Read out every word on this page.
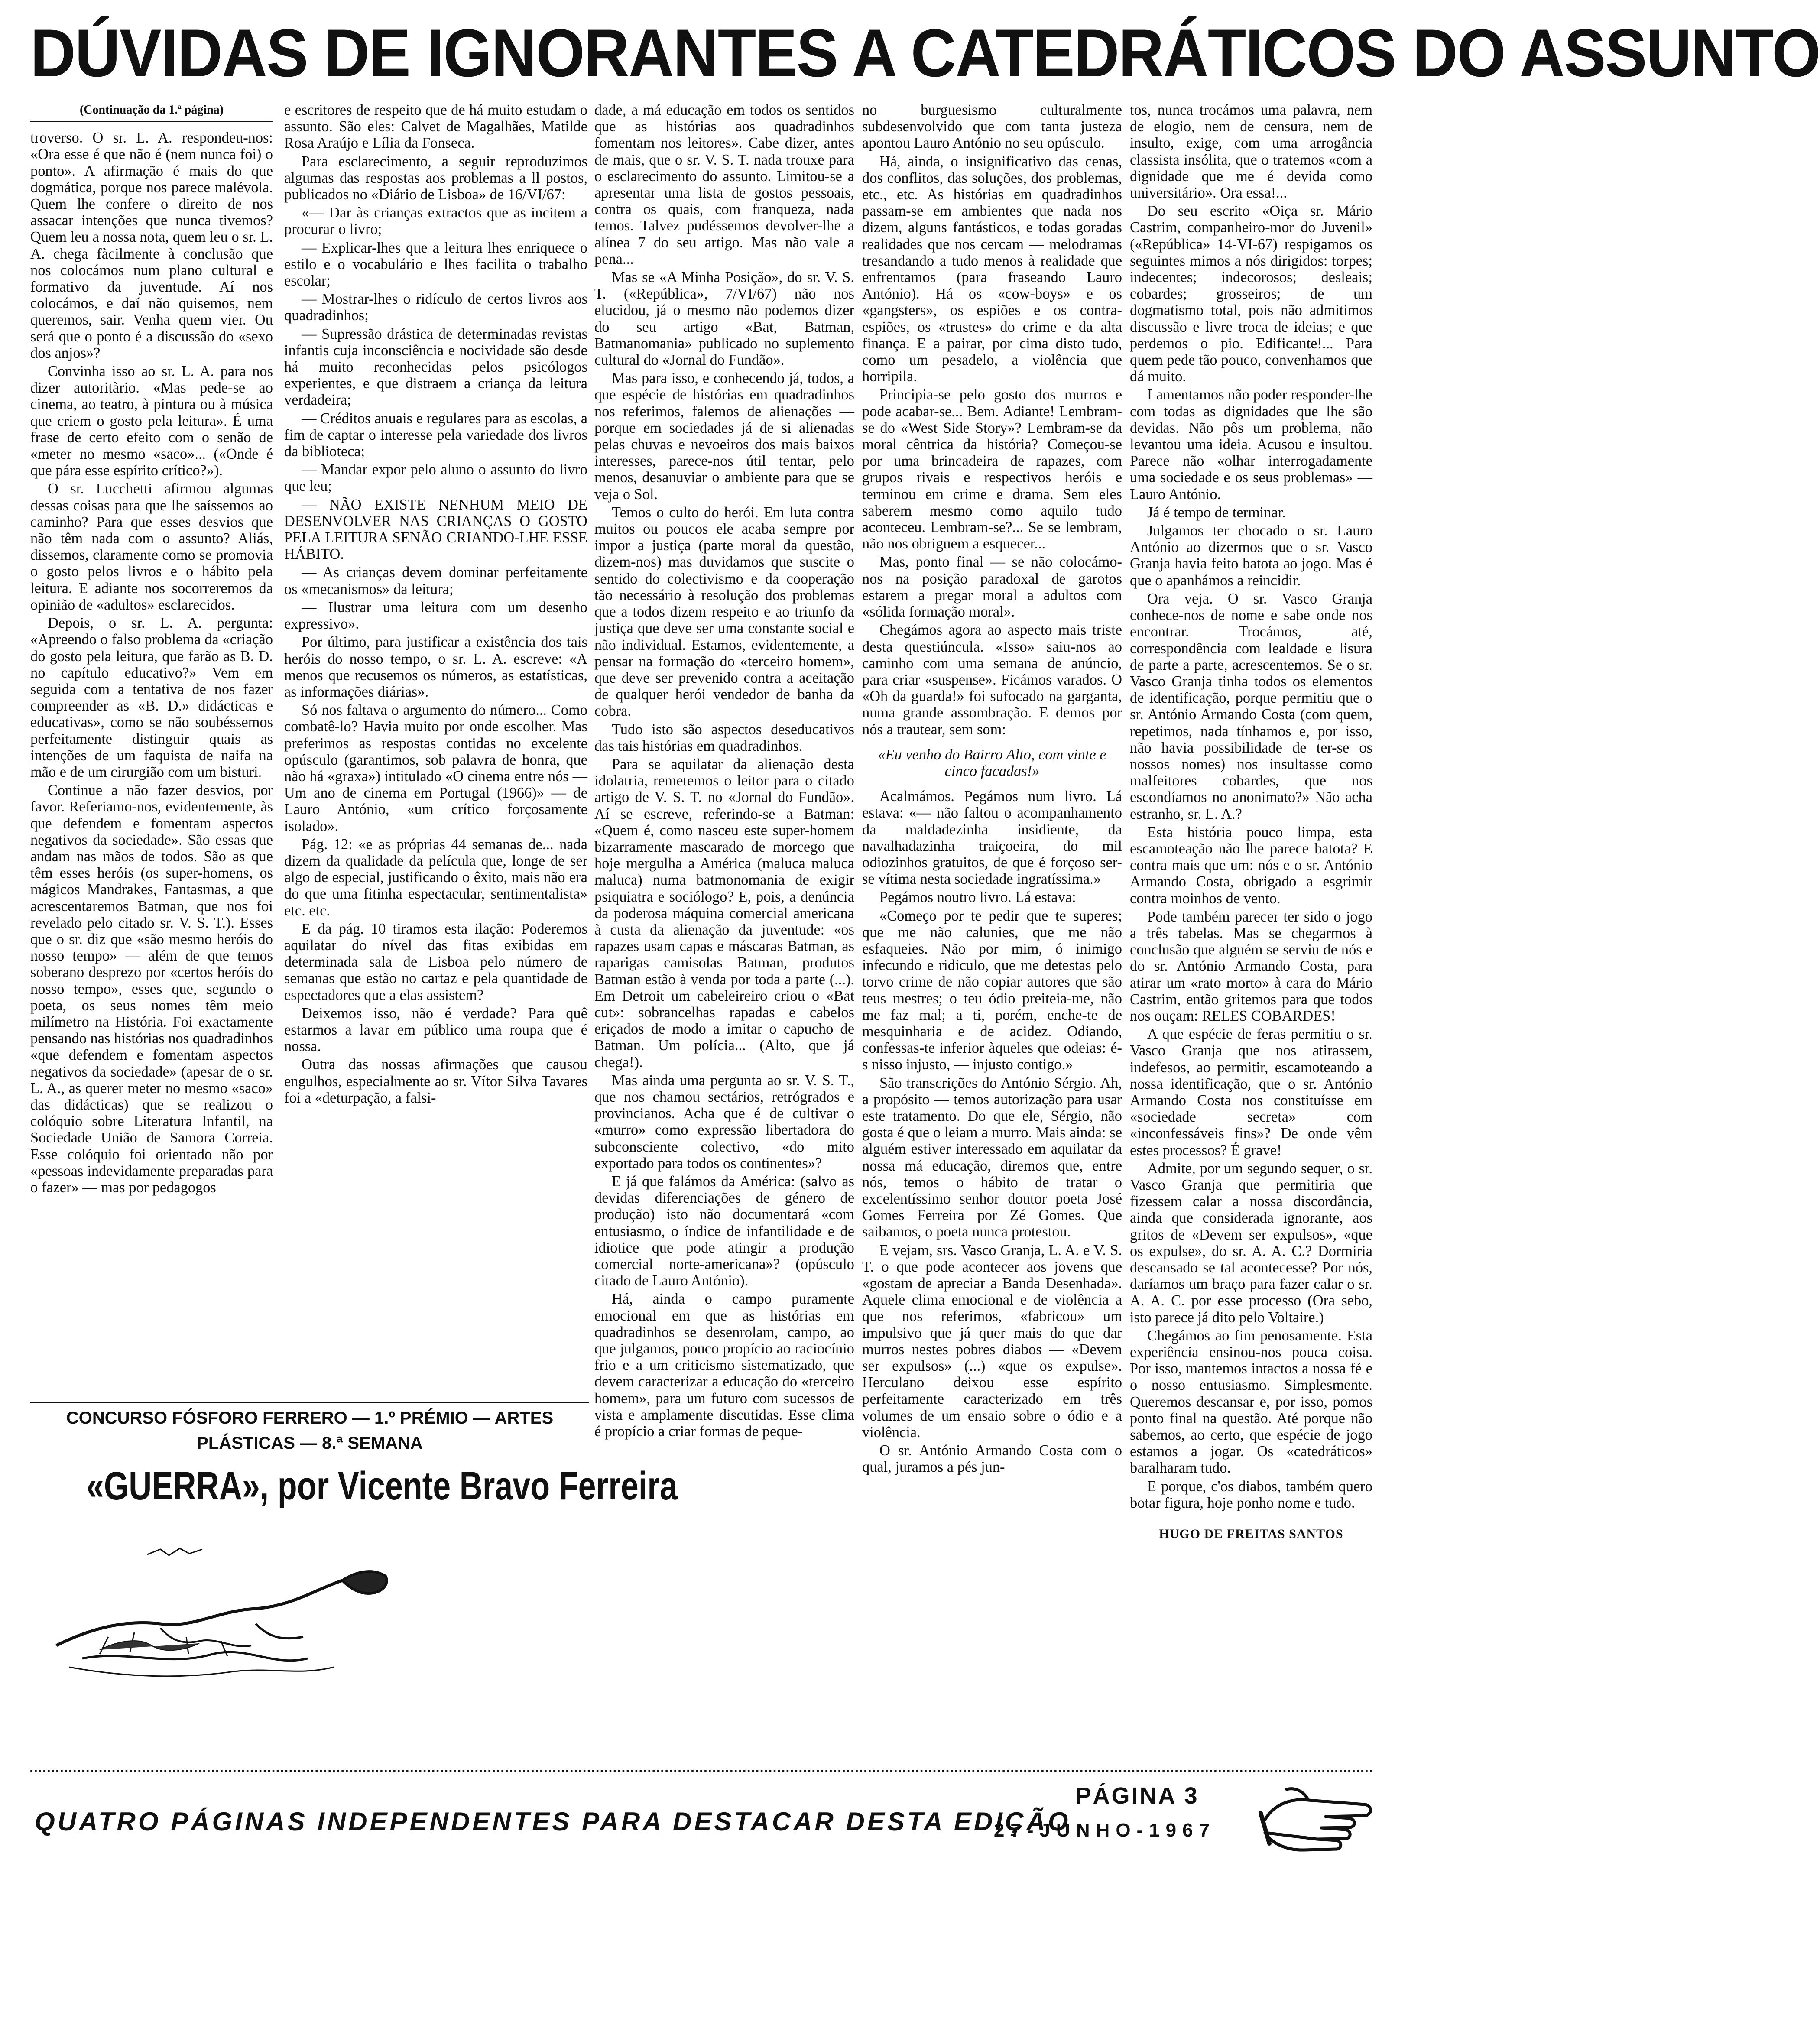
DÚVIDAS DE IGNORANTES A CATEDRÁTICOS DO ASSUNTO
(Continuação da 1.ª página)

troverso. O sr. L. A. respondeu-nos: «Ora esse é que não é (nem nunca foi) o ponto». A afirmação é mais do que dogmática, porque nos parece malévola. Quem lhe confere o direito de nos assacar intenções que nunca tivemos? Quem leu a nossa nota, quem leu o sr. L. A. chega fàcilmente à conclusão que nos colocámos num plano cultural e formativo da juventude. Aí nos colocámos, e daí não quisemos, nem queremos, sair. Venha quem vier. Ou será que o ponto é a discussão do «sexo dos anjos»?

Convinha isso ao sr. L. A. para nos dizer autoritàrio. «Mas pede-se ao cinema, ao teatro, à pintura ou à música que criem o gosto pela leitura». É uma frase de certo efeito com o senão de «meter no mesmo «saco»... («Onde é que pára esse espírito crítico?»).

O sr. Lucchetti afirmou algumas dessas coisas para que lhe saíssemos ao caminho? Para que esses desvios que não têm nada com o assunto? Aliás, dissemos, claramente como se promovia o gosto pelos livros e o hábito pela leitura. E adiante nos socorreremos da opinião de «adultos» esclarecidos.

Depois, o sr. L. A. pergunta: «Apreendo o falso problema da «criação do gosto pela leitura, que farão as B. D. no capítulo educativo?» Vem em seguida com a tentativa de nos fazer compreender as «B. D.» didácticas e educativas», como se não soubéssemos perfeitamente distinguir quais as intenções de um faquista de naifa na mão e de um cirurgião com um bisturi.

Continue a não fazer desvios, por favor. Referiamo-nos, evidentemente, às que defendem e fomentam aspectos negativos da sociedade». São essas que andam nas mãos de todos. São as que têm esses heróis (os super-homens, os mágicos Mandrakes, Fantasmas, a que acrescentaremos Batman, que nos foi revelado pelo citado sr. V. S. T.). Esses que o sr. diz que «são mesmo heróis do nosso tempo» — além de que temos soberano desprezo por «certos heróis do nosso tempo», esses que, segundo o poeta, os seus nomes têm meio milímetro na História. Foi exactamente pensando nas histórias nos quadradinhos «que defendem e fomentam aspectos negativos da sociedade» (apesar de o sr. L. A., as querer meter no mesmo «saco» das didácticas) que se realizou o colóquio sobre Literatura Infantil, na Sociedade União de Samora Correia. Esse colóquio foi orientado não por «pessoas indevidamente preparadas para o fazer» — mas por pedagogos

e escritores de respeito que de há muito estudam o assunto. São eles: Calvet de Magalhães, Matilde Rosa Araújo e Lília da Fonseca.

Para esclarecimento, a seguir reproduzimos algumas das respostas aos problemas a ll postos, publicados no «Diário de Lisboa» de 16/VI/67:

«— Dar às crianças extractos que as incitem a procurar o livro;

— Explicar-lhes que a leitura lhes enriquece o estilo e o vocabulário e lhes facilita o trabalho escolar;

— Mostrar-lhes o ridículo de certos livros aos quadradinhos;

— Supressão drástica de determinadas revistas infantis cuja inconsciência e nocividade são desde há muito reconhecidas pelos psicólogos experientes, e que distraem a criança da leitura verdadeira;

— Créditos anuais e regulares para as escolas, a fim de captar o interesse pela variedade dos livros da biblioteca;

— Mandar expor pelo aluno o assunto do livro que leu;

— NÃO EXISTE NENHUM MEIO DE DESENVOLVER NAS CRIANÇAS O GOSTO PELA LEITURA SENÃO CRIANDO-LHE ESSE HÁBITO.

— As crianças devem dominar perfeitamente os «mecanismos» da leitura;

— Ilustrar uma leitura com um desenho expressivo».

Por último, para justificar a existência dos tais heróis do nosso tempo, o sr. L. A. escreve: «A menos que recusemos os números, as estatísticas, as informações diárias».

Só nos faltava o argumento do número... Como combatê-lo? Havia muito por onde escolher. Mas preferimos as respostas contidas no excelente opúsculo (garantimos, sob palavra de honra, que não há «graxa») intitulado «O cinema entre nós — Um ano de cinema em Portugal (1966)» — de Lauro António, «um crítico forçosamente isolado».

Pág. 12: «e as próprias 44 semanas de... nada dizem da qualidade da película que, longe de ser algo de especial, justificando o êxito, mais não era do que uma fitinha espectacular, sentimentalista» etc. etc.

E da pág. 10 tiramos esta ilação: Poderemos aquilatar do nível das fitas exibidas em determinada sala de Lisboa pelo número de semanas que estão no cartaz e pela quantidade de espectadores que a elas assistem?

Deixemos isso, não é verdade? Para quê estarmos a lavar em público uma roupa que é nossa.

Outra das nossas afirmações que causou engulhos, especialmente ao sr. Vítor Silva Tavares foi a «deturpação, a falsi-

dade, a má educação em todos os sentidos que as histórias aos quadradinhos fomentam nos leitores». Cabe dizer, antes de mais, que o sr. V. S. T. nada trouxe para o esclarecimento do assunto. Limitou-se a apresentar uma lista de gostos pessoais, contra os quais, com franqueza, nada temos. Talvez pudéssemos devolver-lhe a alínea 7 do seu artigo. Mas não vale a pena...

Mas se «A Minha Posição», do sr. V. S. T. («República», 7/VI/67) não nos elucidou, já o mesmo não podemos dizer do seu artigo «Bat, Batman, Batmanomania» publicado no suplemento cultural do «Jornal do Fundão».

Mas para isso, e conhecendo já, todos, a que espécie de histórias em quadradinhos nos referimos, falemos de alienações — porque em sociedades já de si alienadas pelas chuvas e nevoeiros dos mais baixos interesses, parece-nos útil tentar, pelo menos, desanuviar o ambiente para que se veja o Sol.

Temos o culto do herói. Em luta contra muitos ou poucos ele acaba sempre por impor a justiça (parte moral da questão, dizem-nos) mas duvidamos que suscite o sentido do colectivismo e da cooperação tão necessário à resolução dos problemas que a todos dizem respeito e ao triunfo da justiça que deve ser uma constante social e não individual. Estamos, evidentemente, a pensar na formação do «terceiro homem», que deve ser prevenido contra a aceitação de qualquer herói vendedor de banha da cobra.

Tudo isto são aspectos deseducativos das tais histórias em quadradinhos.

Para se aquilatar da alienação desta idolatria, remetemos o leitor para o citado artigo de V. S. T. no «Jornal do Fundão». Aí se escreve, referindo-se a Batman: «Quem é, como nasceu este super-homem bizarramente mascarado de morcego que hoje mergulha a América (maluca maluca maluca) numa batmonomania de exigir psiquiatra e sociólogo? E, pois, a denúncia da poderosa máquina comercial americana à custa da alienação da juventude: «os rapazes usam capas e máscaras Batman, as raparigas camisolas Batman, produtos Batman estão à venda por toda a parte (...). Em Detroit um cabeleireiro criou o «Bat cut»: sobrancelhas rapadas e cabelos eriçados de modo a imitar o capucho de Batman. Um polícia... (Alto, que já chega!).

Mas ainda uma pergunta ao sr. V. S. T., que nos chamou sectários, retrógrados e provincianos. Acha que é de cultivar o «murro» como expressão libertadora do subconsciente colectivo, «do mito exportado para todos os continentes»?

E já que falámos da América: (salvo as devidas diferenciações de género de produção) isto não documentará «com entusiasmo, o índice de infantilidade e de idiotice que pode atingir a produção comercial norte-americana»? (opúsculo citado de Lauro António).

Há, ainda o campo puramente emocional em que as histórias em quadradinhos se desenrolam, campo, ao que julgamos, pouco propício ao raciocínio frio e a um criticismo sistematizado, que devem caracterizar a educação do «terceiro homem», para um futuro com sucessos de vista e amplamente discutidas. Esse clima é propício a criar formas de peque-

no burguesismo culturalmente subdesenvolvido que com tanta justeza apontou Lauro António no seu opúsculo.

Há, ainda, o insignificativo das cenas, dos conflitos, das soluções, dos problemas, etc., etc. As histórias em quadradinhos passam-se em ambientes que nada nos dizem, alguns fantásticos, e todas goradas realidades que nos cercam — melodramas tresandando a tudo menos à realidade que enfrentamos (para fraseando Lauro António). Há os «cow-boys» e os «gangsters», os espiões e os contra-espiões, os «trustes» do crime e da alta finança. E a pairar, por cima disto tudo, como um pesadelo, a violência que horripila.

Principia-se pelo gosto dos murros e pode acabar-se... Bem. Adiante! Lembram-se do «West Side Story»? Lembram-se da moral cêntrica da história? Começou-se por uma brincadeira de rapazes, com grupos rivais e respectivos heróis e terminou em crime e drama. Sem eles saberem mesmo como aquilo tudo aconteceu. Lembram-se?... Se se lembram, não nos obriguem a esquecer...

Mas, ponto final — se não colocámo-nos na posição paradoxal de garotos estarem a pregar moral a adultos com «sólida formação moral».

Chegámos agora ao aspecto mais triste desta questiúncula. «Isso» saiu-nos ao caminho com uma semana de anúncio, para criar «suspense». Ficámos varados. O «Oh da guarda!» foi sufocado na garganta, numa grande assombração. E demos por nós a trautear, sem som:

«Eu venho do Bairro Alto, com vinte e cinco facadas!»

Acalmámos. Pegámos num livro. Lá estava: «— não faltou o acompanhamento da maldadezinha insidiente, da navalhadazinha traiçoeira, do mil odiozinhos gratuitos, de que é forçoso ser-se vítima nesta sociedade ingratíssima.»

Pegámos noutro livro. Lá estava:

«Começo por te pedir que te superes; que me não calunies, que me não esfaqueies. Não por mim, ó inimigo infecundo e ridiculo, que me detestas pelo torvo crime de não copiar autores que são teus mestres; o teu ódio preiteia-me, não me faz mal; a ti, porém, enche-te de mesquinharia e de acidez. Odiando, confessas-te inferior àqueles que odeias: é-s nisso injusto, — injusto contigo.»

São transcrições do António Sérgio. Ah, a propósito — temos autorização para usar este tratamento. Do que ele, Sérgio, não gosta é que o leiam a murro. Mais ainda: se alguém estiver interessado em aquilatar da nossa má educação, diremos que, entre nós, temos o hábito de tratar o excelentíssimo senhor doutor poeta José Gomes Ferreira por Zé Gomes. Que saibamos, o poeta nunca protestou.

E vejam, srs. Vasco Granja, L. A. e V. S. T. o que pode acontecer aos jovens que «gostam de apreciar a Banda Desenhada». Aquele clima emocional e de violência a que nos referimos, «fabricou» um impulsivo que já quer mais do que dar murros nestes pobres diabos — «Devem ser expulsos» (...) «que os expulse». Herculano deixou esse espírito perfeitamente caracterizado em três volumes de um ensaio sobre o ódio e a violência.

O sr. António Armando Costa com o qual, juramos a pés jun-

tos, nunca trocámos uma palavra, nem de elogio, nem de censura, nem de insulto, exige, com uma arrogância classista insólita, que o tratemos «com a dignidade que me é devida como universitário». Ora essa!...

Do seu escrito «Oiça sr. Mário Castrim, companheiro-mor do Juvenil» («República» 14-VI-67) respigamos os seguintes mimos a nós dirigidos: torpes; indecentes; indecorosos; desleais; cobardes; grosseiros; de um dogmatismo total, pois não admitimos discussão e livre troca de ideias; e que perdemos o pio. Edificante!... Para quem pede tão pouco, convenhamos que dá muito.

Lamentamos não poder responder-lhe com todas as dignidades que lhe são devidas. Não pôs um problema, não levantou uma ideia. Acusou e insultou. Parece não «olhar interrogadamente uma sociedade e os seus problemas» — Lauro António.

Já é tempo de terminar.

Julgamos ter chocado o sr. Lauro António ao dizermos que o sr. Vasco Granja havia feito batota ao jogo. Mas é que o apanhámos a reincidir.

Ora veja. O sr. Vasco Granja conhece-nos de nome e sabe onde nos encontrar. Trocámos, até, correspondência com lealdade e lisura de parte a parte, acrescentemos. Se o sr. Vasco Granja tinha todos os elementos de identificação, porque permitiu que o sr. António Armando Costa (com quem, repetimos, nada tínhamos e, por isso, não havia possibilidade de ter-se os nossos nomes) nos insultasse como malfeitores cobardes, que nos escondíamos no anonimato?» Não acha estranho, sr. L. A.?

Esta história pouco limpa, esta escamoteação não lhe parece batota? E contra mais que um: nós e o sr. António Armando Costa, obrigado a esgrimir contra moinhos de vento.

Pode também parecer ter sido o jogo a três tabelas. Mas se chegarmos à conclusão que alguém se serviu de nós e do sr. António Armando Costa, para atirar um «rato morto» à cara do Mário Castrim, então gritemos para que todos nos ouçam: RELES COBARDES!

A que espécie de feras permitiu o sr. Vasco Granja que nos atirassem, indefesos, ao permitir, escamoteando a nossa identificação, que o sr. António Armando Costa nos constituísse em «sociedade secreta» com «inconfessáveis fins»? De onde vêm estes processos? É grave!

Admite, por um segundo sequer, o sr. Vasco Granja que permitiria que fizessem calar a nossa discordância, ainda que considerada ignorante, aos gritos de «Devem ser expulsos», «que os expulse», do sr. A. A. C.? Dormiria descansado se tal acontecesse? Por nós, daríamos um braço para fazer calar o sr. A. A. C. por esse processo (Ora sebo, isto parece já dito pelo Voltaire.)

Chegámos ao fim penosamente. Esta experiência ensinou-nos pouca coisa. Por isso, mantemos intactos a nossa fé e o nosso entusiasmo. Simplesmente. Queremos descansar e, por isso, pomos ponto final na questão. Até porque não sabemos, ao certo, que espécie de jogo estamos a jogar. Os «catedráticos» baralharam tudo.

E porque, c'os diabos, também quero botar figura, hoje ponho nome e tudo.

HUGO DE FREITAS SANTOS

CONCURSO FÓSFORO FERRERO — 1.º PRÉMIO — ARTES
PLÁSTICAS — 8.ª SEMANA
«GUERRA», por Vicente Bravo Ferreira
QUATRO PÁGINAS INDEPENDENTES PARA DESTACAR DESTA EDIÇÃO
PÁGINA 3
27-JUNHO-1967
